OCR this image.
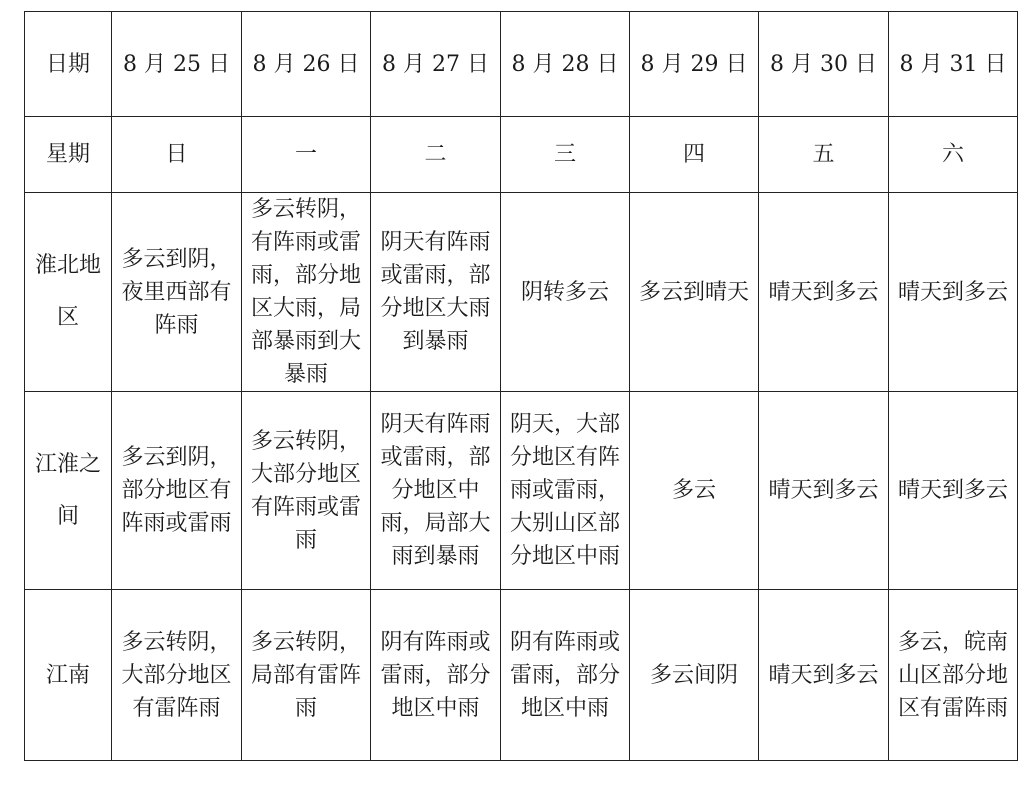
日期	8 月 25 日	8 月 26 日	8 月 27 日	8 月 28 日	8 月 29 日	8 月 30 日	8 月 31 日
星期	日	一	二	三	四	五	六
淮北地区	多云到阴，夜里西部有阵雨	多云转阴，有阵雨或雷雨，部分地区大雨，局部暴雨到大暴雨	阴天有阵雨或雷雨，部分地区大雨到暴雨	阴转多云	多云到晴天	晴天到多云	晴天到多云
江淮之间	多云到阴，部分地区有阵雨或雷雨	多云转阴，大部分地区有阵雨或雷雨	阴天有阵雨或雷雨，部分地区中雨，局部大雨到暴雨	阴天，大部分地区有阵雨或雷雨，大别山区部分地区中雨	多云	晴天到多云	晴天到多云
江南	多云转阴，大部分地区有雷阵雨	多云转阴，局部有雷阵雨	阴有阵雨或雷雨，部分地区中雨	阴有阵雨或雷雨，部分地区中雨	多云间阴	晴天到多云	多云，皖南山区部分地区有雷阵雨
